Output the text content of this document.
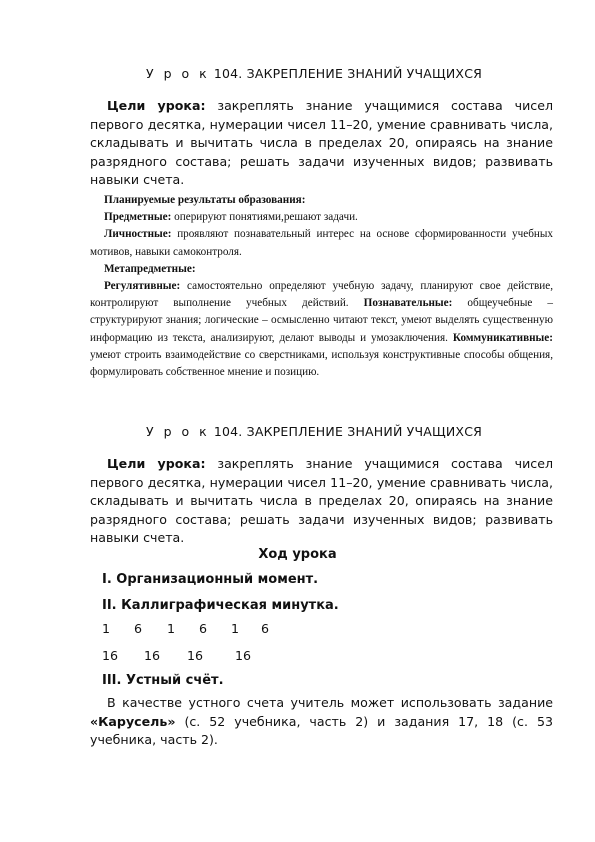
У р о к 104. ЗАКРЕПЛЕНИЕ ЗНАНИЙ УЧАЩИХСЯ
Цели урока: закреплять знание учащимися состава чисел первого десятка, нумерации чисел 11–20, умение сравнивать числа, складывать и вычитать числа в пределах 20, опираясь на знание разрядного состава; решать задачи изученных видов; развивать навыки счета.

Планируемые результаты образования:

Предметные: оперируют понятиями,решают задачи.

Личностные: проявляют познавательный интерес на основе сформированности учебных мотивов, навыки самоконтроля.

Метапредметные:

Регулятивные: самостоятельно определяют учебную задачу, планируют свое действие, контролируют выполнение учебных действий. Познавательные: общеучебные – структурируют знания; логические – осмысленно читают текст, умеют выделять существенную информацию из текста, анализируют, делают выводы и умозаключения. Коммуникативные: умеют строить взаимодействие со сверстниками, используя конструктивные способы общения, формулировать собственное мнение и позицию.

У р о к 104. ЗАКРЕПЛЕНИЕ ЗНАНИЙ УЧАЩИХСЯ
Цели урока: закреплять знание учащимися состава чисел первого десятка, нумерации чисел 11–20, умение сравнивать числа, складывать и вычитать числа в пределах 20, опираясь на знание разрядного состава; решать задачи изученных видов; развивать навыки счета.
Ход урока
I. Организационный момент.
II. Каллиграфическая минутка.
1 6 1 6 1 6
16 16 16	16
III. Устный счёт.
В качестве устного счета учитель может использовать задание «Карусель» (с. 52 учебника, часть 2) и задания 17, 18 (с. 53 учебника, часть 2).
